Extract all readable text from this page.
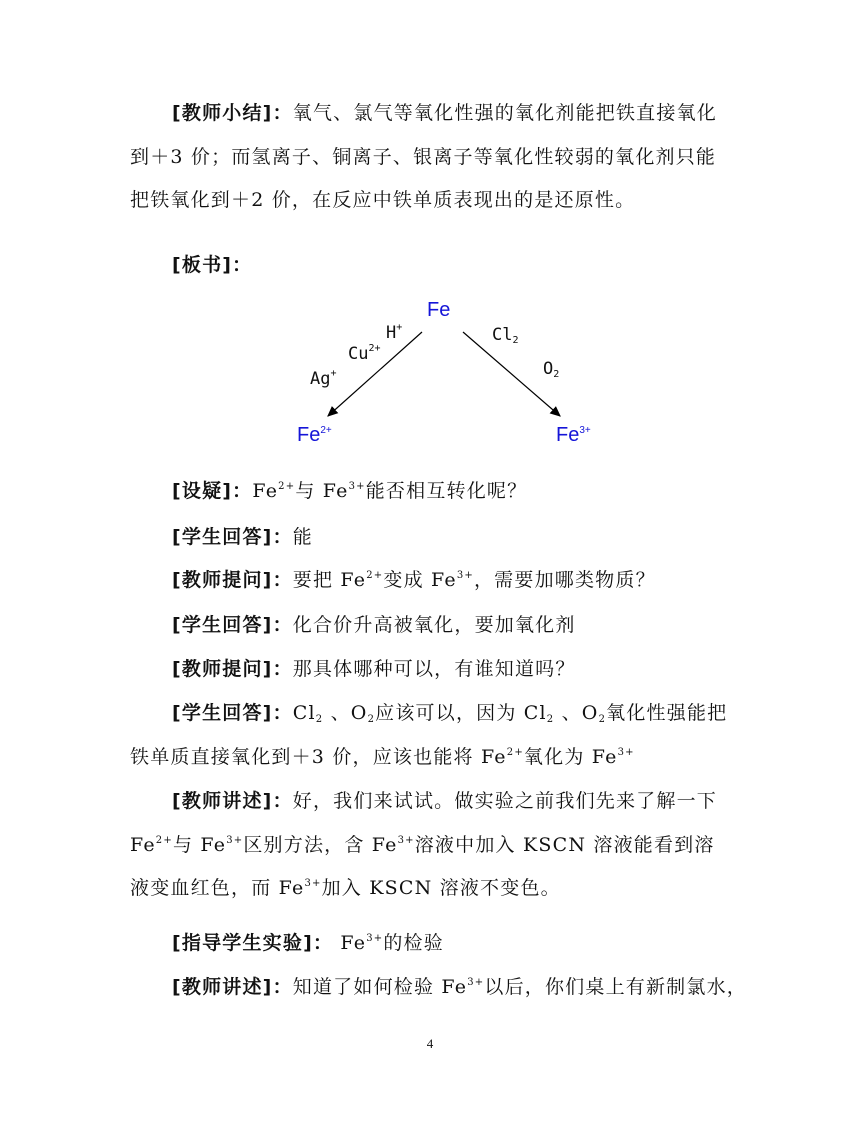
[教师小结]：氧气、氯气等氧化性强的氧化剂能把铁直接氧化到＋3 价；而氢离子、铜离子、银离子等氧化性较弱的氧化剂只能把铁氧化到＋2 价，在反应中铁单质表现出的是还原性。

[板书]：
Fe
H+
$Cu^{2+}$
Ag+
$Cl_2$
$O_2$
$Fe^{2+}$	$Fe^{3+}$
[设疑]：$Fe^{2+}$与 $Fe^{3+}$能否相互转化呢？
[学生回答]：能
[教师提问]：要把 $Fe^{2+}$变成 $Fe^{3+}$，需要加哪类物质？
[学生回答]：化合价升高被氧化，要加氧化剂
[教师提问]：那具体哪种可以，有谁知道吗？

[学生回答]：$Cl_2$ 、$O_2$应该可以，因为 $Cl_2$ 、$O_2$氧化性强能把铁单质直接氧化到＋3 价，应该也能将 $Fe^{2+}$氧化为 $Fe^{3+}$

[教师讲述]：好，我们来试试。做实验之前我们先来了解一下 $Fe^{2+}$与 $Fe^{3+}$区别方法，含 $Fe^{3+}$溶液中加入 KSCN 溶液能看到溶液变血红色，而 $Fe^{3+}$加入 KSCN 溶液不变色。

[指导学生实验]： $Fe^{3+}$的检验
[教师讲述]：知道了如何检验 $Fe^{3+}$以后，你们桌上有新制氯水，
4
